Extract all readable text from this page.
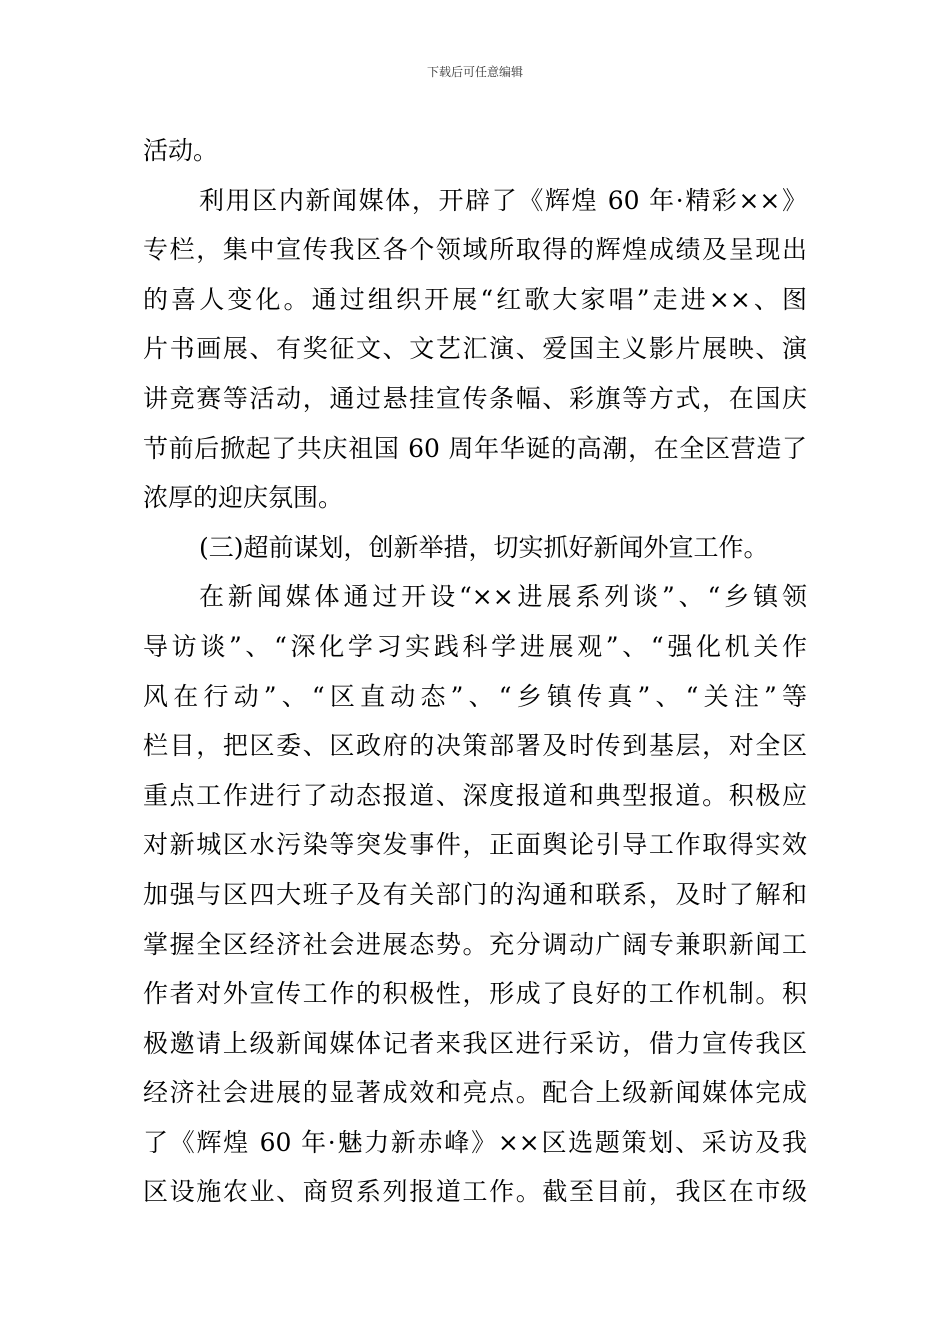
下载后可任意编辑
活动。
利用区内新闻媒体，开辟了《辉煌 60 年·精彩××》
专栏，集中宣传我区各个领域所取得的辉煌成绩及呈现出
的喜人变化。通过组织开展“红歌大家唱”走进××、图
片书画展、有奖征文、文艺汇演、爱国主义影片展映、演
讲竞赛等活动，通过悬挂宣传条幅、彩旗等方式，在国庆
节前后掀起了共庆祖国 60 周年华诞的高潮，在全区营造了
浓厚的迎庆氛围。
(三)超前谋划，创新举措，切实抓好新闻外宣工作。
在新闻媒体通过开设“××进展系列谈”、“乡镇领
导访谈”、“深化学习实践科学进展观”、“强化机关作
风在行动”、“区直动态”、“乡镇传真”、“关注”等
栏目，把区委、区政府的决策部署及时传到基层，对全区
重点工作进行了动态报道、深度报道和典型报道。积极应
对新城区水污染等突发事件，正面舆论引导工作取得实效
加强与区四大班子及有关部门的沟通和联系，及时了解和
掌握全区经济社会进展态势。充分调动广阔专兼职新闻工
作者对外宣传工作的积极性，形成了良好的工作机制。积
极邀请上级新闻媒体记者来我区进行采访，借力宣传我区
经济社会进展的显著成效和亮点。配合上级新闻媒体完成
了《辉煌 60 年·魅力新赤峰》××区选题策划、采访及我
区设施农业、商贸系列报道工作。截至目前，我区在市级
